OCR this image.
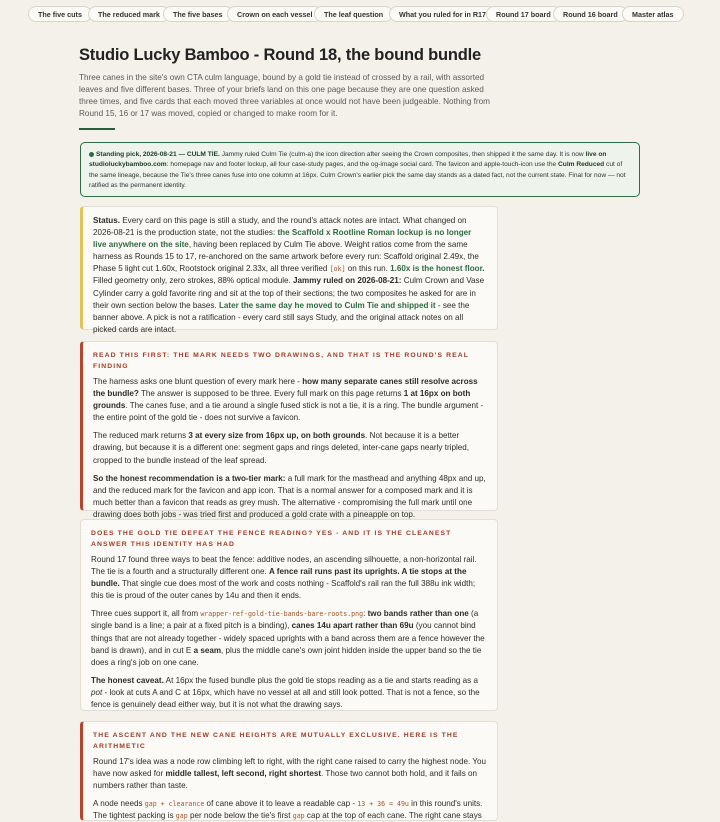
The five cuts	The reduced mark	The five bases	Crown on each vessel	The leaf question	What you ruled for in R17	Round 17 board	Round 16 board	Master atlas
Studio Lucky Bamboo - Round 18, the bound bundle
Three canes in the site's own CTA culm language, bound by a gold tie instead of crossed by a rail, with assorted leaves and five different bases. Three of your briefs land on this one page because they are one question asked three times, and five cards that each moved three variables at once would not have been judgeable. Nothing from Round 15, 16 or 17 was moved, copied or changed to make room for it.
Standing pick, 2026-08-21 — CULM TIE. Jammy ruled Culm Tie (culm-a) the icon direction after seeing the Crown composites, then shipped it the same day. It is now live on studioluckybamboo.com: homepage nav and footer lockup, all four case-study pages, and the og-image social card. The favicon and apple-touch-icon use the Culm Reduced cut of the same lineage, because the Tie's three canes fuse into one column at 16px. Culm Crown's earlier pick the same day stands as a dated fact, not the current state. Final for now — not ratified as the permanent identity.

Status. Every card on this page is still a study, and the round's attack notes are intact. What changed on 2026-08-21 is the production state, not the studies: the Scaffold x Rootline Roman lockup is no longer live anywhere on the site, having been replaced by Culm Tie above. Weight ratios come from the same harness as Rounds 15 to 17, re-anchored on the same artwork before every run: Scaffold original 2.49x, the Phase 5 light cut 1.60x, Rootstock original 2.33x, all three verified [ok] on this run. 1.60x is the honest floor. Filled geometry only, zero strokes, 88% optical module. Jammy ruled on 2026-08-21: Culm Crown and Vase Cylinder carry a gold favorite ring and sit at the top of their sections; the two composites he asked for are in their own section below the bases. Later the same day he moved to Culm Tie and shipped it - see the banner above. A pick is not a ratification - every card still says Study, and the original attack notes on all picked cards are intact.

READ THIS FIRST: THE MARK NEEDS TWO DRAWINGS, AND THAT IS THE ROUND'S REAL FINDING

The harness asks one blunt question of every mark here - how many separate canes still resolve across the bundle? The answer is supposed to be three. Every full mark on this page returns 1 at 16px on both grounds. The canes fuse, and a tie around a single fused stick is not a tie, it is a ring. The bundle argument - the entire point of the gold tie - does not survive a favicon.

The reduced mark returns 3 at every size from 16px up, on both grounds. Not because it is a better drawing, but because it is a different one: segment gaps and rings deleted, inter-cane gaps nearly tripled, cropped to the bundle instead of the leaf spread.

So the honest recommendation is a two-tier mark: a full mark for the masthead and anything 48px and up, and the reduced mark for the favicon and app icon. That is a normal answer for a composed mark and it is much better than a favicon that reads as grey mush. The alternative - compromising the full mark until one drawing does both jobs - was tried first and produced a gold crate with a pineapple on top.

DOES THE GOLD TIE DEFEAT THE FENCE READING? YES - AND IT IS THE CLEANEST ANSWER THIS IDENTITY HAS HAD

Round 17 found three ways to beat the fence: additive nodes, an ascending silhouette, a non-horizontal rail. The tie is a fourth and a structurally different one. A fence rail runs past its uprights. A tie stops at the bundle. That single cue does most of the work and costs nothing - Scaffold's rail ran the full 388u ink width; this tie is proud of the outer canes by 14u and then it ends.

Three cues support it, all from wrapper-ref-gold-tie-bands-bare-roots.png: two bands rather than one (a single band is a line; a pair at a fixed pitch is a binding), canes 14u apart rather than 69u (you cannot bind things that are not already together - widely spaced uprights with a band across them are a fence however the band is drawn), and in cut E a seam, plus the middle cane's own joint hidden inside the upper band so the tie does a ring's job on one cane.

The honest caveat. At 16px the fused bundle plus the gold tie stops reading as a tie and starts reading as a pot - look at cuts A and C at 16px, which have no vessel at all and still look potted. That is not a fence, so the fence is genuinely dead either way, but it is not what the drawing says.

THE ASCENT AND THE NEW CANE HEIGHTS ARE MUTUALLY EXCLUSIVE. HERE IS THE ARITHMETIC

Round 17's idea was a node row climbing left to right, with the right cane raised to carry the highest node. You have now asked for middle tallest, left second, right shortest. Those two cannot both hold, and it fails on numbers rather than taste.

A node needs gap + clearance of cane above it to leave a readable cap - 13 + 36 = 49u in this round's units. The tightest packing is gap per node below the tie's first gap cap at the top of each cane. The right cane stays
